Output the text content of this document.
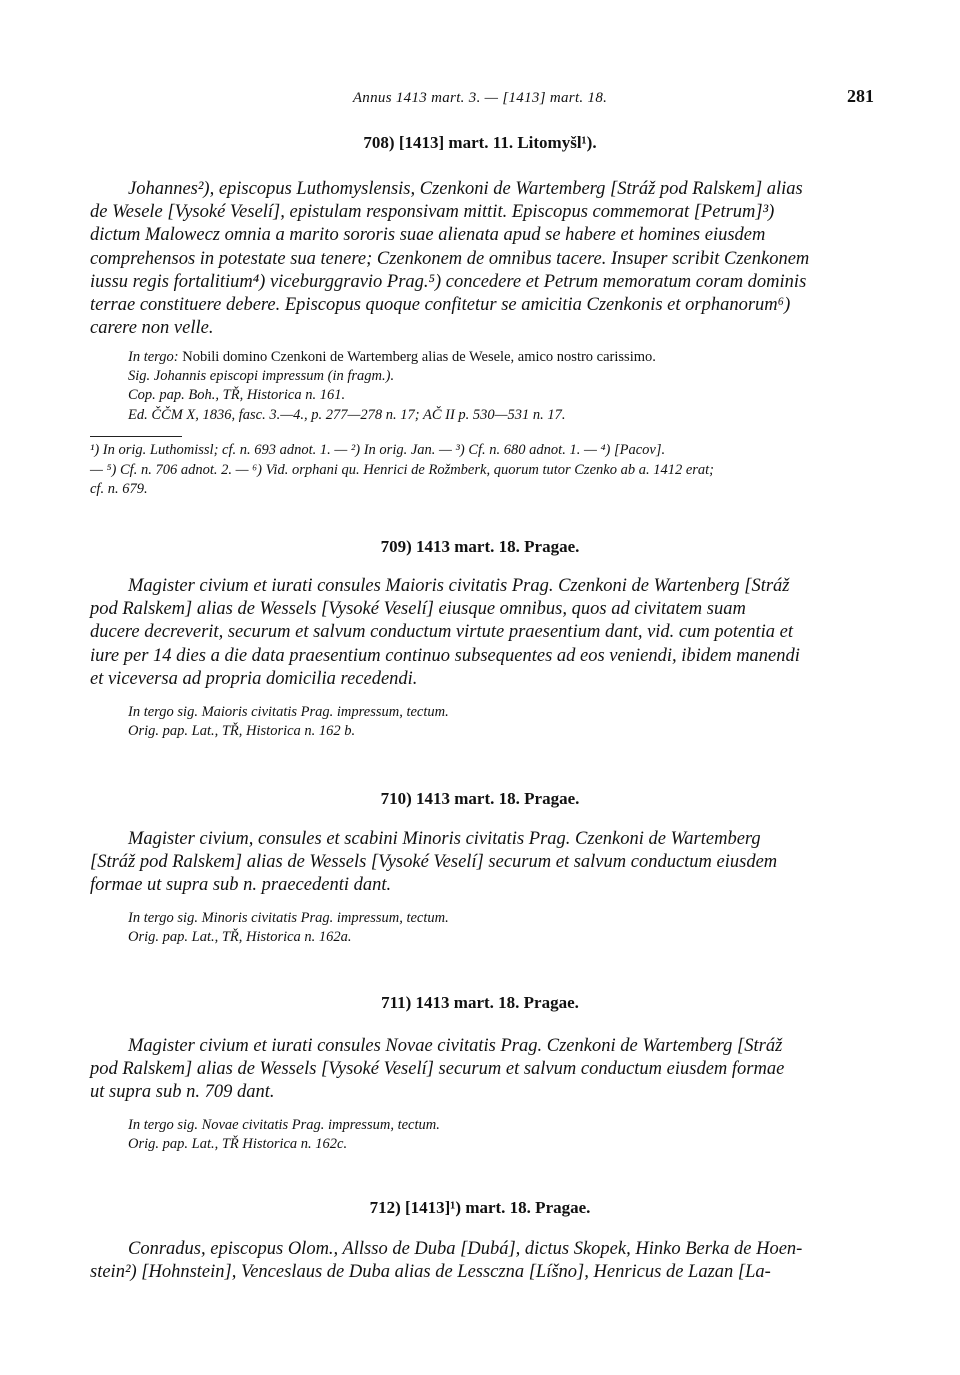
Annus 1413 mart. 3. — [1413] mart. 18.	281
708) [1413] mart. 11. Litomyšl¹).
Johannes²), episcopus Luthomyslensis, Czenkoni de Wartemberg [Stráž pod Ralskem] alias
de Wesele [Vysoké Veselí], epistulam responsivam mittit. Episcopus commemorat [Petrum]³)
dictum Malowecz omnia a marito sororis suae alienata apud se habere et homines eiusdem
comprehensos in potestate sua tenere; Czenkonem de omnibus tacere. Insuper scribit Czenkonem
iussu regis fortalitium⁴) viceburggravio Prag.⁵) concedere et Petrum memoratum coram dominis
terrae constituere debere. Episcopus quoque confitetur se amicitia Czenkonis et orphanorum⁶)
carere non velle.
In tergo: Nobili domino Czenkoni de Wartemberg alias de Wesele, amico nostro carissimo.
Sig. Johannis episcopi impressum (in fragm.).
Cop. pap. Boh., TŘ, Historica n. 161.
Ed. ČČM X, 1836, fasc. 3.—4., p. 277—278 n. 17; AČ II p. 530—531 n. 17.
¹) In orig. Luthomissl; cf. n. 693 adnot. 1. — ²) In orig. Jan. — ³) Cf. n. 680 adnot. 1. — ⁴) [Pacov].
— ⁵) Cf. n. 706 adnot. 2. — ⁶) Vid. orphani qu. Henrici de Rožmberk, quorum tutor Czenko ab a. 1412 erat;
cf. n. 679.
709) 1413 mart. 18. Pragae.
Magister civium et iurati consules Maioris civitatis Prag. Czenkoni de Wartenberg [Stráž
pod Ralskem] alias de Wessels [Vysoké Veselí] eiusque omnibus, quos ad civitatem suam
ducere decreverit, securum et salvum conductum virtute praesentium dant, vid. cum potentia et
iure per 14 dies a die data praesentium continuo subsequentes ad eos veniendi, ibidem manendi
et viceversa ad propria domicilia recedendi.
In tergo sig. Maioris civitatis Prag. impressum, tectum.
Orig. pap. Lat., TŘ, Historica n. 162 b.
710) 1413 mart. 18. Pragae.
Magister civium, consules et scabini Minoris civitatis Prag. Czenkoni de Wartemberg
[Stráž pod Ralskem] alias de Wessels [Vysoké Veselí] securum et salvum conductum eiusdem
formae ut supra sub n. praecedenti dant.
In tergo sig. Minoris civitatis Prag. impressum, tectum.
Orig. pap. Lat., TŘ, Historica n. 162a.
711) 1413 mart. 18. Pragae.
Magister civium et iurati consules Novae civitatis Prag. Czenkoni de Wartemberg [Stráž
pod Ralskem] alias de Wessels [Vysoké Veselí] securum et salvum conductum eiusdem formae
ut supra sub n. 709 dant.
In tergo sig. Novae civitatis Prag. impressum, tectum.
Orig. pap. Lat., TŘ Historica n. 162c.
712) [1413]¹) mart. 18. Pragae.
Conradus, episcopus Olom., Allsso de Duba [Dubá], dictus Skopek, Hinko Berka de Hoen-
stein²) [Hohnstein], Venceslaus de Duba alias de Lessczna [Líšno], Henricus de Lazan [La-
